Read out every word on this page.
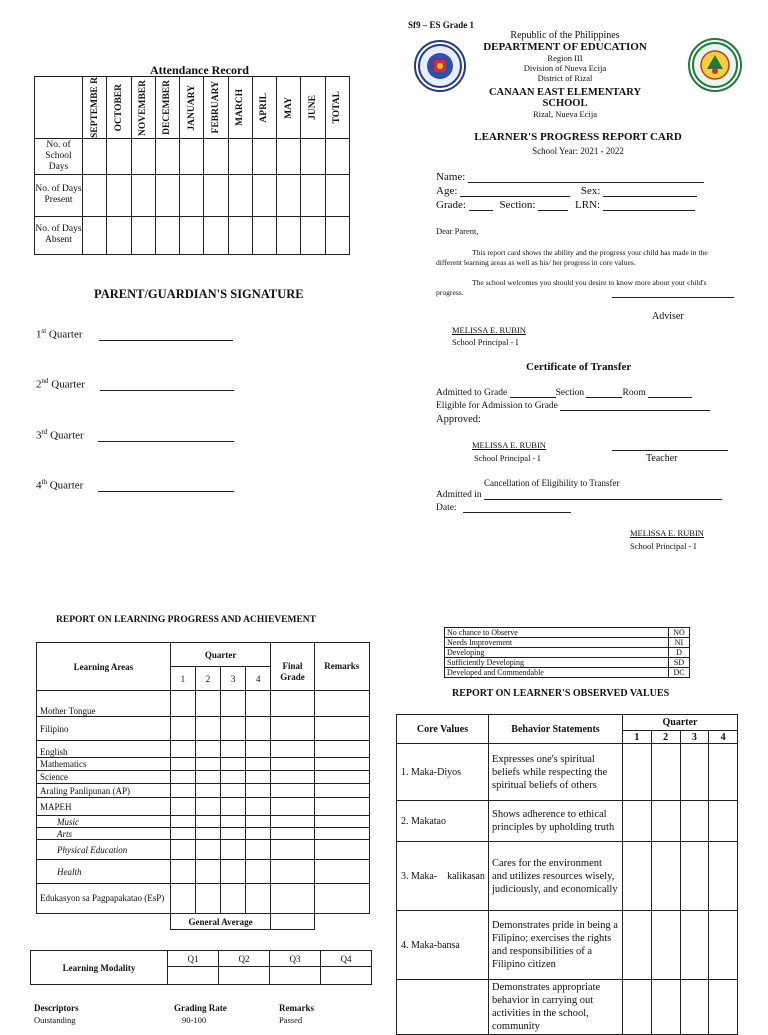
Attendance Record

	SEPTEMBE R	OCTOBER	NOVEMBER	DECEMBER	JANUARY	FEBRUARY	MARCH	APRIL	MAY	JUNE	TOTAL

No. of School Days											
No. of Days Present											
No. of Days Absent											
PARENT/GUARDIAN'S SIGNATURE
1st Quarter
2nd Quarter
3rd Quarter
4th Quarter
Sf9 – ES Grade 1
Republic of the Philippines
DEPARTMENT OF EDUCATION
Region III
Division of Nueva Ecija
District of Rizal
CANAAN EAST ELEMENTARY SCHOOL
Rizal, Nueva Ecija
LEARNER'S PROGRESS REPORT CARD
School Year: 2021 - 2022
Name:
Age:	Sex:
Grade:	Section:	LRN:
Dear Parent,
This report card shows the ability and the progress your child has made in the different learning areas as well as his/ her progress in core values.
The school welcomes you should you desire to know more about your child's progress.
Adviser
MELISSA E. RUBIN
School Principal - I
Certificate of Transfer
Admitted to Grade	Section	Room
Eligible for Admission to Grade
Approved:
MELISSA E. RUBIN
School Principal - I	Teacher
Cancellation of Eligibility to Transfer
Admitted in
Date:
MELISSA E. RUBIN
School Principal - I
REPORT ON LEARNING PROGRESS AND ACHIEVEMENT
Learning Areas	Quarter				Final Grade	Remarks
	1	2	3	4		
Mother Tongue						
Filipino						
English						
Mathematics						
Science						
Araling Panlipunan (AP)						
MAPEH						
Music						
Arts						
Physical Education						
Health						
Edukasyon sa Pagpapakatao (EsP)						
	General Average					
Learning Modality	Q1	Q2	Q3	Q4

Descriptors	Grading Rate	Remarks
Outstanding	90-100	Passed
No chance to Observe	NO
Needs Improvement	NI
Developing	D
Sufficiently Developing	SD
Developed and Commendable	DC
REPORT ON LEARNER'S OBSERVED VALUES
Core Values	Behavior Statements	Quarter			
		1	2	3	4
1. Maka-Diyos	Expresses one's spiritual beliefs while respecting the spiritual beliefs of others				
2. Makatao	Shows adherence to ethical principles by upholding truth				
3. Maka-    kalikasan	Cares for the environment and utilizes resources wisely, judiciously, and economically				
4. Maka-bansa	Demonstrates pride in being a Filipino; exercises the rights and responsibilities of a Filipino citizen				
	Demonstrates appropriate behavior in carrying out activities in the school, community				
